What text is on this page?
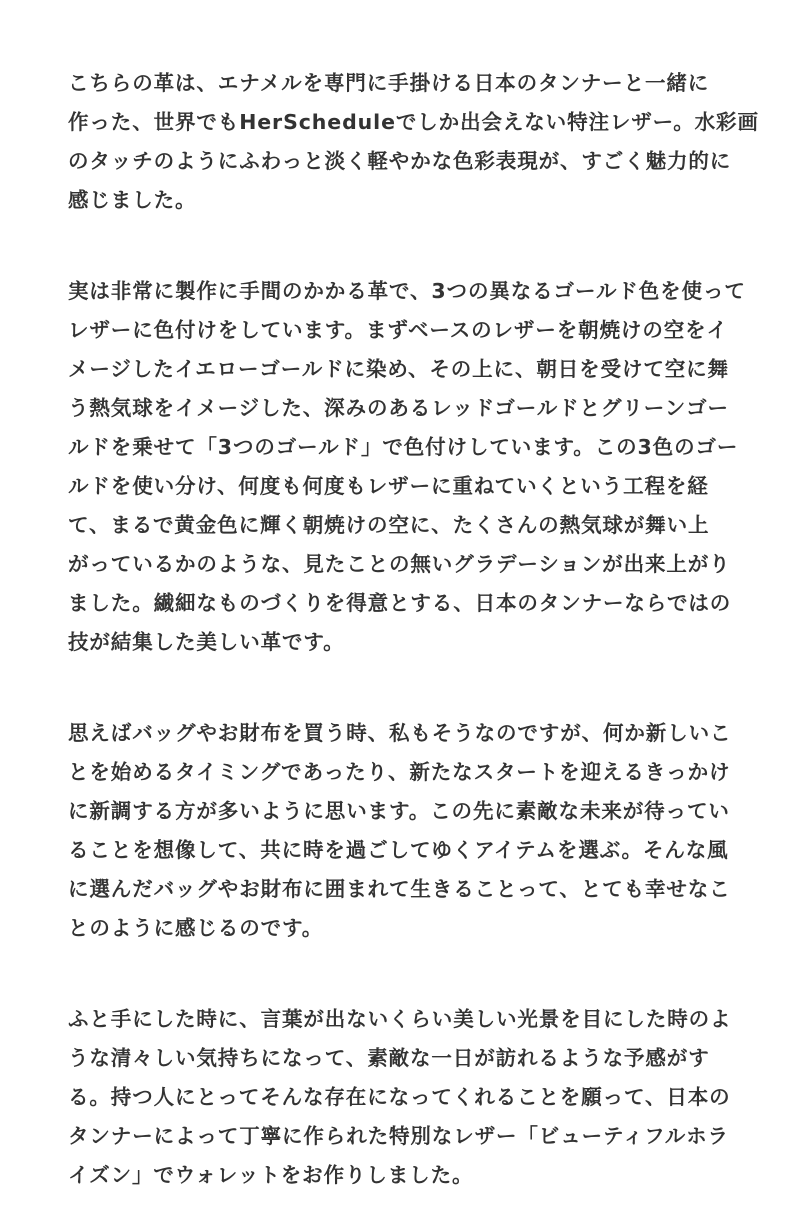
こちらの革は、エナメルを専門に手掛ける日本のタンナーと一緒に
作った、世界でもHerScheduleでしか出会えない特注レザー。水彩画
のタッチのようにふわっと淡く軽やかな色彩表現が、すごく魅力的に
感じました。

実は非常に製作に手間のかかる革で、3つの異なるゴールド色を使って
レザーに色付けをしています。まずベースのレザーを朝焼けの空をイ
メージしたイエローゴールドに染め、その上に、朝日を受けて空に舞
う熱気球をイメージした、深みのあるレッドゴールドとグリーンゴー
ルドを乗せて「3つのゴールド」で色付けしています。この3色のゴー
ルドを使い分け、何度も何度もレザーに重ねていくという工程を経
て、まるで黄金色に輝く朝焼けの空に、たくさんの熱気球が舞い上
がっているかのような、見たことの無いグラデーションが出来上がり
ました。繊細なものづくりを得意とする、日本のタンナーならではの
技が結集した美しい革です。

思えばバッグやお財布を買う時、私もそうなのですが、何か新しいこ
とを始めるタイミングであったり、新たなスタートを迎えるきっかけ
に新調する方が多いように思います。この先に素敵な未来が待ってい
ることを想像して、共に時を過ごしてゆくアイテムを選ぶ。そんな風
に選んだバッグやお財布に囲まれて生きることって、とても幸せなこ
とのように感じるのです。

ふと手にした時に、言葉が出ないくらい美しい光景を目にした時のよ
うな清々しい気持ちになって、素敵な一日が訪れるような予感がす
る。持つ人にとってそんな存在になってくれることを願って、日本の
タンナーによって丁寧に作られた特別なレザー「ビューティフルホラ
イズン」でウォレットをお作りしました。
